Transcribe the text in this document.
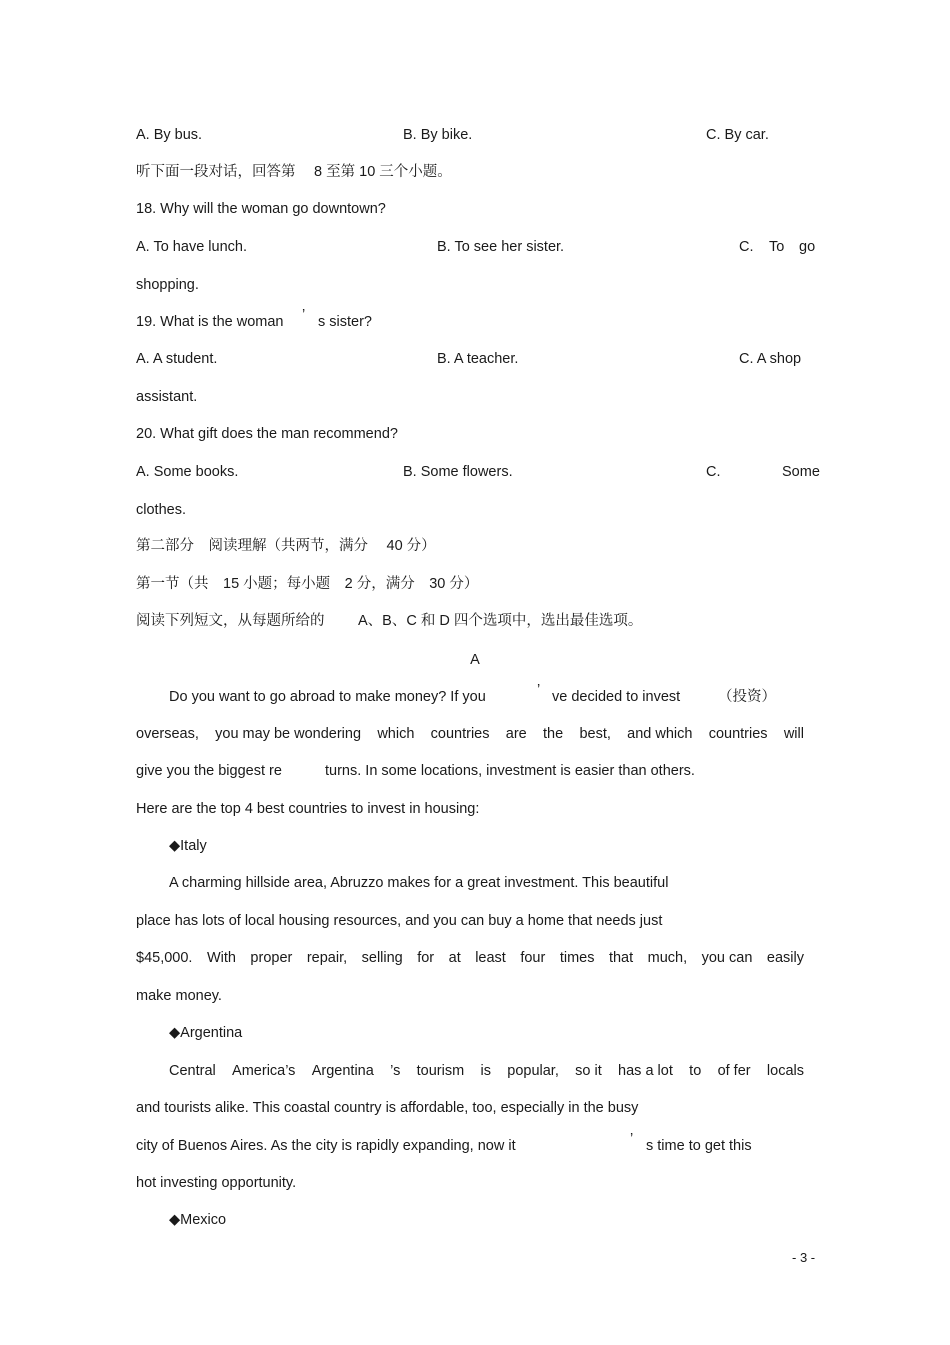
A. By bus.	B. By bike.	C. By car.
听下面一段对话，回答第　 8 至第 10 三个小题。
18. Why will the woman go downtown?
A. To have lunch.	B. To see her sister.	C. To go
shopping.
19. What is the woman ’ s sister?
A. A student.	B. A teacher.	C. A shop
assistant.
20. What gift does the man recommend?
A. Some books.	B. Some flowers.	C.	Some
clothes.
第二部分　阅读理解（共两节，满分　 40 分）
第一节（共　15 小题；每小题　2 分，满分　30 分）
阅读下列短文，从每题所给的 A、B、C 和 D 四个选项中，选出最佳选项。
A
Do you want to go abroad to make money? If you	’ ve decided to invest	（投资）
overseas, you may be wondering which countries are the best, and which countries will
give you the biggest re	turns. In some locations, investment is easier than others.
Here are the top 4 best countries to invest in housing:
◆Italy
A charming hillside area, Abruzzo makes for a great investment. This beautiful
place has lots of local housing resources, and you can buy a home that needs just
$45,000. With proper repair, selling for at least four times that much, you can easily
make money.
◆Argentina
Central America’s Argentina ’s tourism is popular, so it has a lot to of fer locals
and tourists alike. This coastal country is affordable, too, especially in the busy
city of Buenos Aires. As the city is rapidly expanding, now it	’ s time to get this
hot investing opportunity.
◆Mexico
- 3 -
